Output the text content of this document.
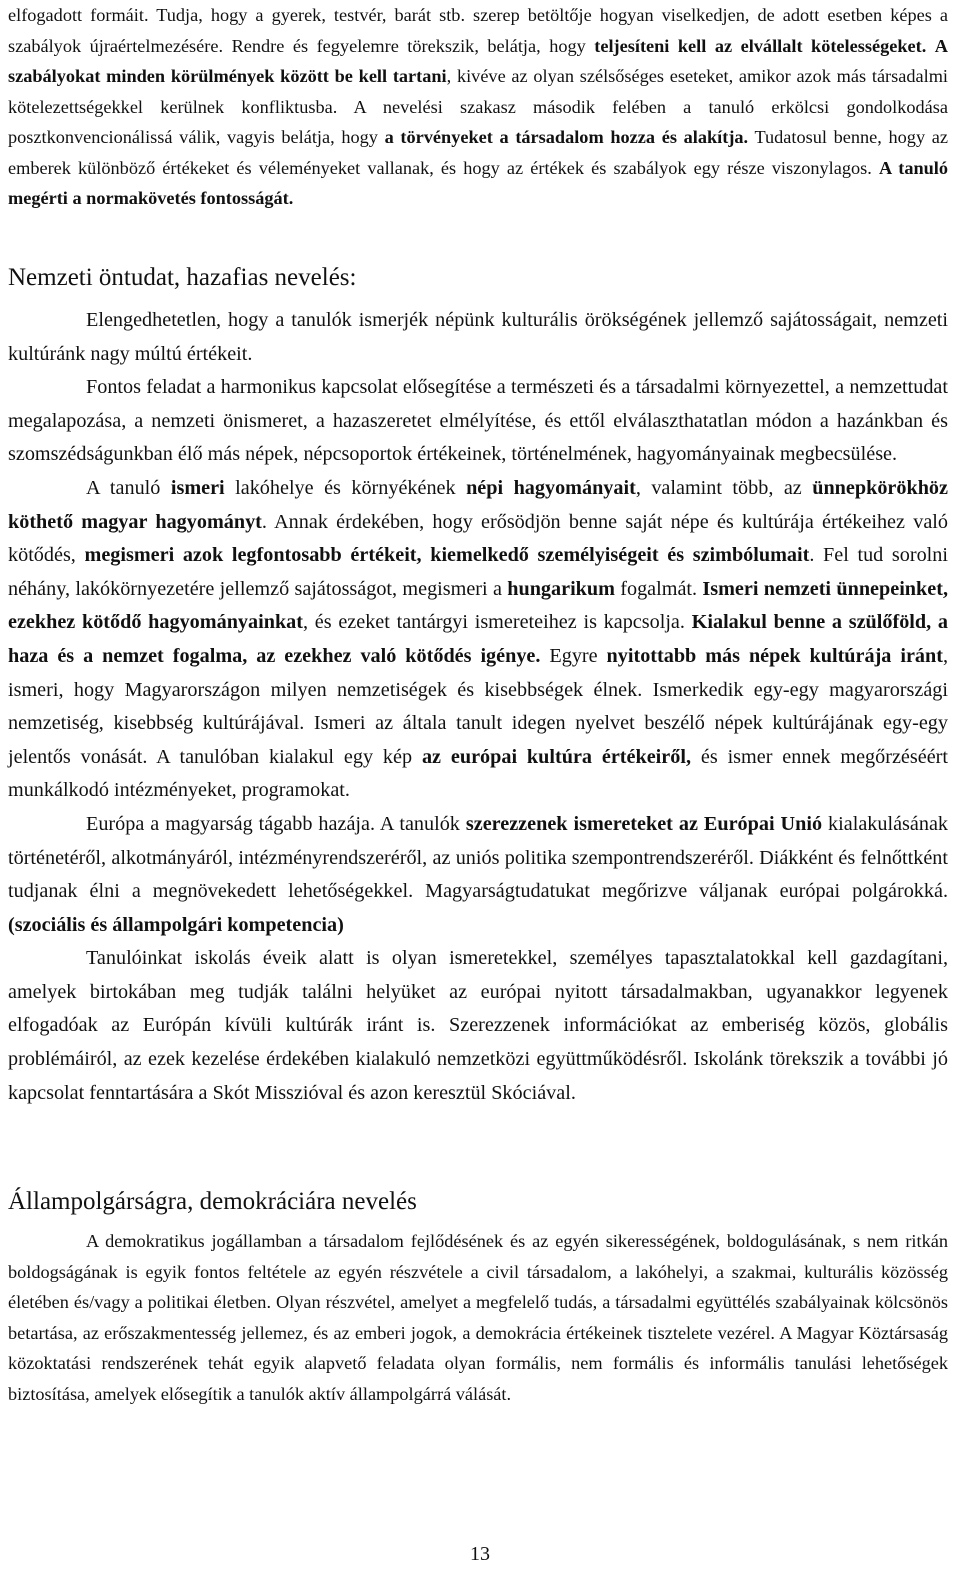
elfogadott formáit. Tudja, hogy a gyerek, testvér, barát stb. szerep betöltője hogyan viselkedjen, de adott esetben képes a szabályok újraértelmezésére. Rendre és fegyelemre törekszik, belátja, hogy teljesíteni kell az elvállalt kötelességeket. A szabályokat minden körülmények között be kell tartani, kivéve az olyan szélsőséges eseteket, amikor azok más társadalmi kötelezettségekkel kerülnek konfliktusba. A nevelési szakasz második felében a tanuló erkölcsi gondolkodása posztkonvencionálissá válik, vagyis belátja, hogy a törvényeket a társadalom hozza és alakítja. Tudatosul benne, hogy az emberek különböző értékeket és véleményeket vallanak, és hogy az értékek és szabályok egy része viszonylagos. A tanuló megérti a normakövetés fontosságát.

Nemzeti öntudat, hazafias nevelés:

Elengedhetetlen, hogy a tanulók ismerjék népünk kulturális örökségének jellemző sajátosságait, nemzeti kultúránk nagy múltú értékeit.

Fontos feladat a harmonikus kapcsolat elősegítése a természeti és a társadalmi környezettel, a nemzettudat megalapozása, a nemzeti önismeret, a hazaszeretet elmélyítése, és ettől elválaszthatatlan módon a hazánkban és szomszédságunkban élő más népek, népcsoportok értékeinek, történelmének, hagyományainak megbecsülése.

A tanuló ismeri lakóhelye és környékének népi hagyományait, valamint több, az ünnepkörökhöz köthető magyar hagyományt. Annak érdekében, hogy erősödjön benne saját népe és kultúrája értékeihez való kötődés, megismeri azok legfontosabb értékeit, kiemelkedő személyiségeit és szimbólumait. Fel tud sorolni néhány, lakókörnyezetére jellemző sajátosságot, megismeri a hungarikum fogalmát. Ismeri nemzeti ünnepeinket, ezekhez kötődő hagyományainkat, és ezeket tantárgyi ismereteihez is kapcsolja. Kialakul benne a szülőföld, a haza és a nemzet fogalma, az ezekhez való kötődés igénye. Egyre nyitottabb más népek kultúrája iránt, ismeri, hogy Magyarországon milyen nemzetiségek és kisebbségek élnek. Ismerkedik egy-egy magyarországi nemzetiség, kisebbség kultúrájával. Ismeri az általa tanult idegen nyelvet beszélő népek kultúrájának egy-egy jelentős vonását. A tanulóban kialakul egy kép az európai kultúra értékeiről, és ismer ennek megőrzéséért munkálkodó intézményeket, programokat.

Európa a magyarság tágabb hazája. A tanulók szerezzenek ismereteket az Európai Unió kialakulásának történetéről, alkotmányáról, intézményrendszeréről, az uniós politika szempontrendszeréről. Diákként és felnőttként tudjanak élni a megnövekedett lehetőségekkel. Magyarságtudatukat megőrizve váljanak európai polgárokká. (szociális és állampolgári kompetencia)

Tanulóinkat iskolás éveik alatt is olyan ismeretekkel, személyes tapasztalatokkal kell gazdagítani, amelyek birtokában meg tudják találni helyüket az európai nyitott társadalmakban, ugyanakkor legyenek elfogadóak az Európán kívüli kultúrák iránt is. Szerezzenek információkat az emberiség közös, globális problémáiról, az ezek kezelése érdekében kialakuló nemzetközi együttműködésről. Iskolánk törekszik a további jó kapcsolat fenntartására a Skót Misszióval és azon keresztül Skóciával.

Állampolgárságra, demokráciára nevelés

A demokratikus jogállamban a társadalom fejlődésének és az egyén sikerességének, boldogulásának, s nem ritkán boldogságának is egyik fontos feltétele az egyén részvétele a civil társadalom, a lakóhelyi, a szakmai, kulturális közösség életében és/vagy a politikai életben. Olyan részvétel, amelyet a megfelelő tudás, a társadalmi együttélés szabályainak kölcsönös betartása, az erőszakmentesség jellemez, és az emberi jogok, a demokrácia értékeinek tisztelete vezérel. A Magyar Köztársaság közoktatási rendszerének tehát egyik alapvető feladata olyan formális, nem formális és informális tanulási lehetőségek biztosítása, amelyek elősegítik a tanulók aktív állampolgárrá válását.

13
